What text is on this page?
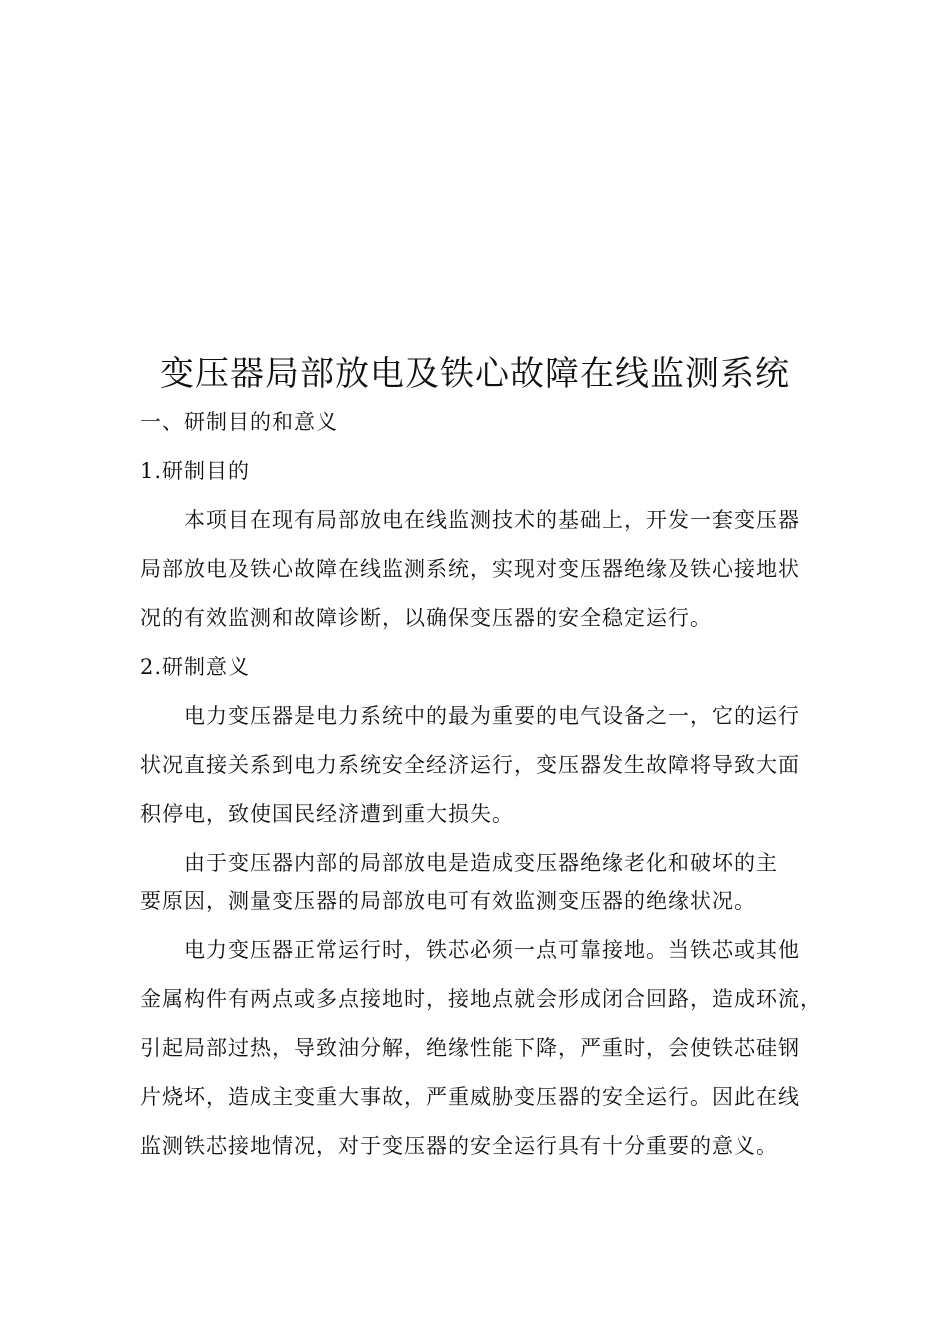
变压器局部放电及铁心故障在线监测系统
一、研制目的和意义
1.研制目的
本项目在现有局部放电在线监测技术的基础上，开发一套变压器
局部放电及铁心故障在线监测系统，实现对变压器绝缘及铁心接地状
况的有效监测和故障诊断，以确保变压器的安全稳定运行。
2.研制意义
电力变压器是电力系统中的最为重要的电气设备之一，它的运行
状况直接关系到电力系统安全经济运行，变压器发生故障将导致大面
积停电，致使国民经济遭到重大损失。
由于变压器内部的局部放电是造成变压器绝缘老化和破坏的主
要原因，测量变压器的局部放电可有效监测变压器的绝缘状况。
电力变压器正常运行时，铁芯必须一点可靠接地。当铁芯或其他
金属构件有两点或多点接地时，接地点就会形成闭合回路，造成环流，
引起局部过热，导致油分解，绝缘性能下降，严重时，会使铁芯硅钢
片烧坏，造成主变重大事故，严重威胁变压器的安全运行。因此在线
监测铁芯接地情况，对于变压器的安全运行具有十分重要的意义。
